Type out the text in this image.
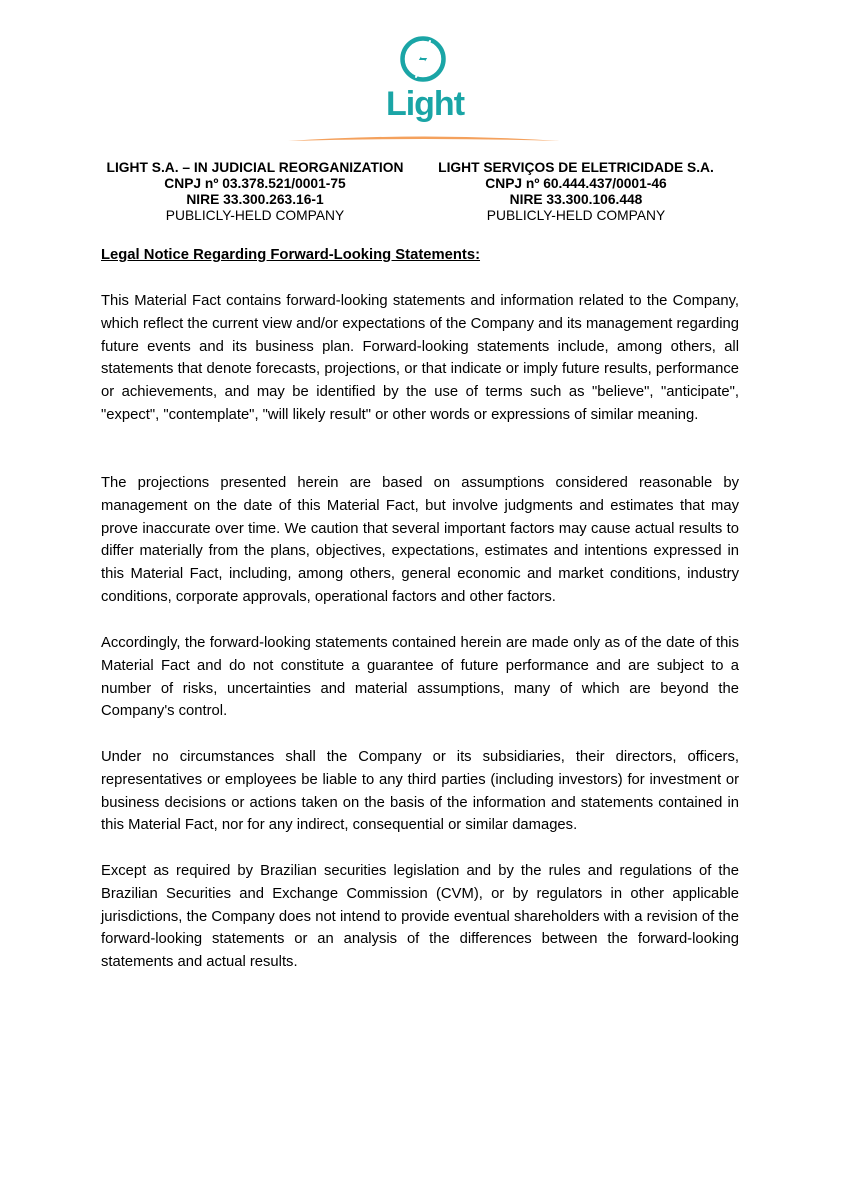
Light
LIGHT S.A. – IN JUDICIAL REORGANIZATION
CNPJ nº 03.378.521/0001-75
NIRE 33.300.263.16-1
PUBLICLY-HELD COMPANY
LIGHT SERVIÇOS DE ELETRICIDADE S.A.
CNPJ nº 60.444.437/0001-46
NIRE 33.300.106.448
PUBLICLY-HELD COMPANY
Legal Notice Regarding Forward-Looking Statements:

This Material Fact contains forward-looking statements and information related to the Company, which reflect the current view and/or expectations of the Company and its management regarding future events and its business plan. Forward-looking statements include, among others, all statements that denote forecasts, projections, or that indicate or imply future results, performance or achievements, and may be identified by the use of terms such as "believe", "anticipate", "expect", "contemplate", "will likely result" or other words or expressions of similar meaning.

The projections presented herein are based on assumptions considered reasonable by management on the date of this Material Fact, but involve judgments and estimates that may prove inaccurate over time. We caution that several important factors may cause actual results to differ materially from the plans, objectives, expectations, estimates and intentions expressed in this Material Fact, including, among others, general economic and market conditions, industry conditions, corporate approvals, operational factors and other factors.

Accordingly, the forward-looking statements contained herein are made only as of the date of this Material Fact and do not constitute a guarantee of future performance and are subject to a number of risks, uncertainties and material assumptions, many of which are beyond the Company's control.

Under no circumstances shall the Company or its subsidiaries, their directors, officers, representatives or employees be liable to any third parties (including investors) for investment or business decisions or actions taken on the basis of the information and statements contained in this Material Fact, nor for any indirect, consequential or similar damages.

Except as required by Brazilian securities legislation and by the rules and regulations of the Brazilian Securities and Exchange Commission (CVM), or by regulators in other applicable jurisdictions, the Company does not intend to provide eventual shareholders with a revision of the forward-looking statements or an analysis of the differences between the forward-looking statements and actual results.
